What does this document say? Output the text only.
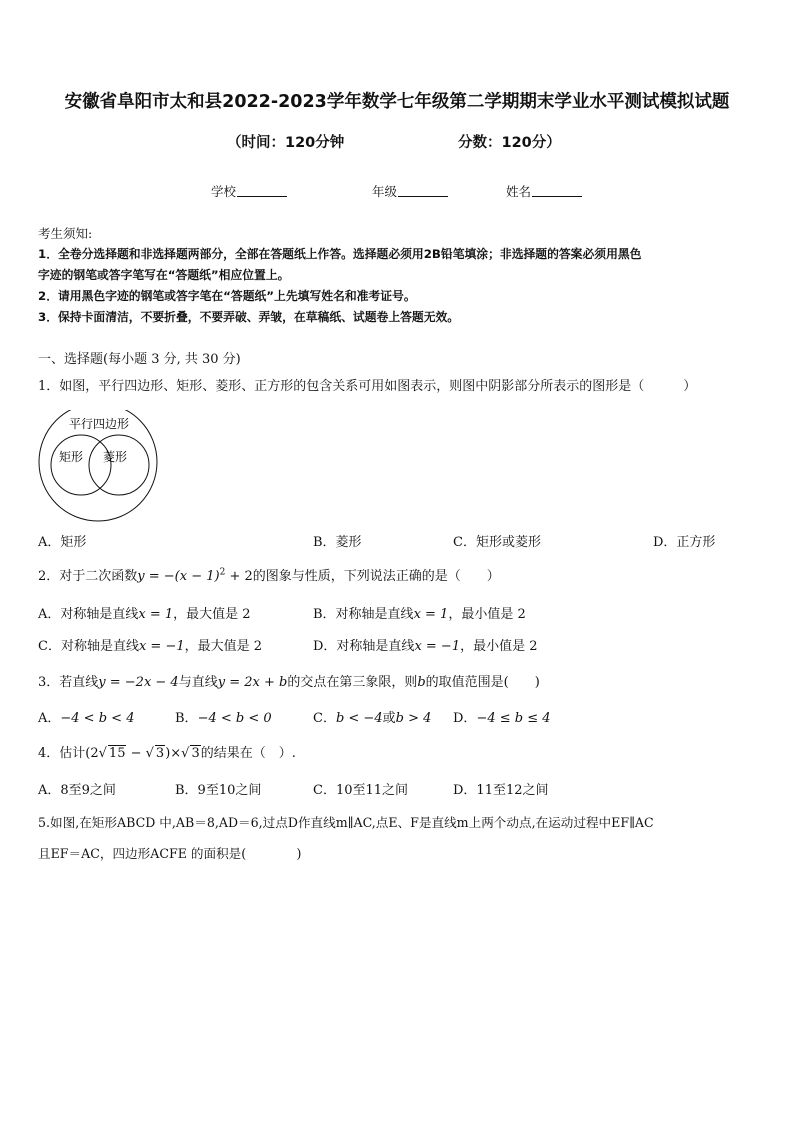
安徽省阜阳市太和县2022-2023学年数学七年级第二学期期末学业水平测试模拟试题
（时间：120分钟	分数：120分）
学校	年级	姓名
考生须知:
1．全卷分选择题和非选择题两部分，全部在答题纸上作答。选择题必须用2B铅笔填涂；非选择题的答案必须用黑色
字迹的钢笔或答字笔写在“答题纸”相应位置上。
2．请用黑色字迹的钢笔或答字笔在“答题纸”上先填写姓名和准考证号。
3．保持卡面清洁，不要折叠，不要弄破、弄皱，在草稿纸、试题卷上答题无效。
一、选择题(每小题 3 分, 共 30 分)
1．如图，平行四边形、矩形、菱形、正方形的包含关系可用如图表示，则图中阴影部分所表示的图形是（　　　）
平行四边形
矩形 菱形
A．矩形	B．菱形	C．矩形或菱形	D．正方形
2．对于二次函数$y = -(x - 1)^2 + 2$的图象与性质，下列说法正确的是（　　）
A．对称轴是直线x = 1，最大值是 2	B．对称轴是直线x = 1，最小值是 2
C．对称轴是直线x = −1，最大值是 2	D．对称轴是直线x = −1，最小值是 2
3．若直线y = −2x − 4与直线y = 2x + b的交点在第三象限，则b的取值范围是(　　)
A．−4 < b < 4	B．−4 < b < 0	C．b < −4或b > 4 D．−4 ≤ b ≤ 4
4．估计(2√ 15 − √ 3)×√ 3的结果在（　）.
A．8至9之间	B．9至10之间	C．10至11之间	D．11至12之间
5.如图,在矩形ABCD 中,AB＝8,AD＝6,过点D作直线m∥AC,点E、F是直线m上两个动点,在运动过程中EF∥AC
且EF＝AC，四边形ACFE 的面积是(　　　　)
